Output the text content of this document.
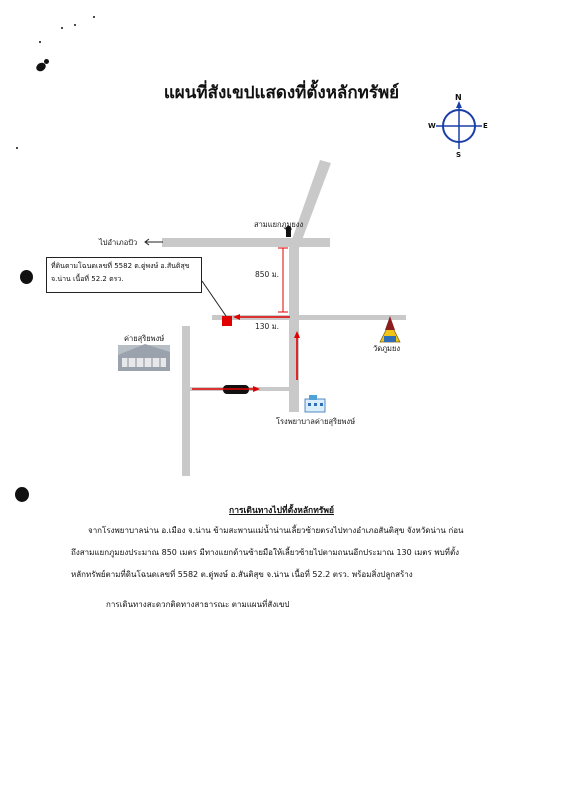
แผนที่สังเขปแสดงที่ตั้งหลักทรัพย์	N
S
W	E
สามแยกภูมยงง
ไปอำเภอปัว
850 ม.
130 ม.
ค่ายสุริยพงษ์
วัดภูมยง
โรงพยาบาลค่ายสุริยพงษ์
ที่ดินตามโฉนดเลขที่ 5582 ต.ดู่พงษ์ อ.สันติสุข
จ.น่าน เนื้อที่ 52.2 ตรว.
การเดินทางไปที่ตั้งหลักทรัพย์
จากโรงพยาบาลน่าน อ.เมือง จ.น่าน ข้ามสะพานแม่น้ำน่านเลี้ยวซ้ายตรงไปทางอำเภอสันติสุข จังหวัดน่าน ก่อน
ถึงสามแยกภูมยงประมาณ 850 เมตร มีทางแยกด้านซ้ายมือให้เลี้ยวซ้ายไปตามถนนอีกประมาณ 130 เมตร พบที่ตั้ง
หลักทรัพย์ตามที่ดินโฉนดเลขที่ 5582 ต.ดู่พงษ์ อ.สันติสุข จ.น่าน เนื้อที่ 52.2 ตรว. พร้อมสิ่งปลูกสร้าง
การเดินทางสะดวกติดทางสาธารณะ ตามแผนที่สังเขป
